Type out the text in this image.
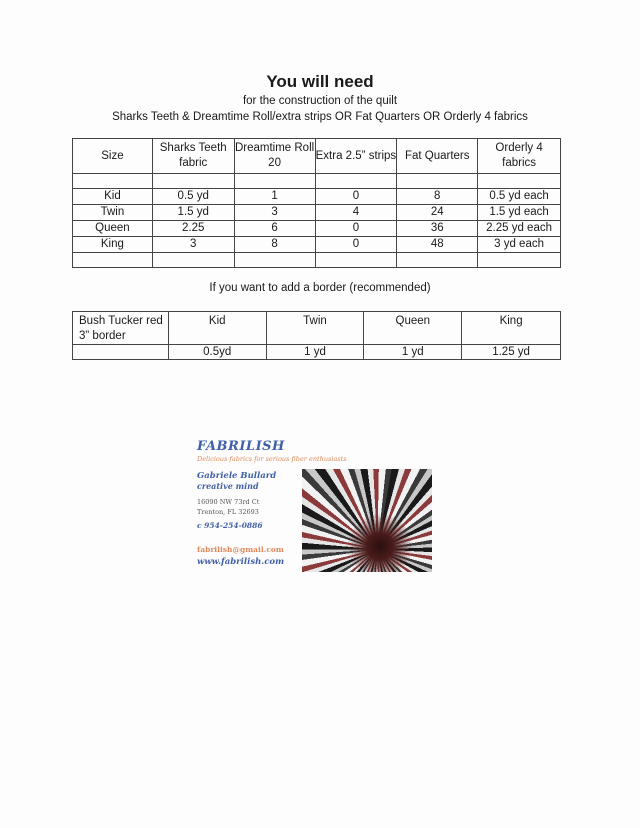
You will need
for the construction of the quilt
Sharks Teeth & Dreamtime Roll/extra strips OR Fat Quarters OR Orderly 4 fabrics
Size	Sharks Teeth fabric	Dreamtime Roll 20	Extra 2.5” strips	Fat Quarters	Orderly 4 fabrics

Kid	0.5 yd	1	0	8	0.5 yd each
Twin	1.5 yd	3	4	24	1.5 yd each
Queen	2.25	6	0	36	2.25 yd each
King	3	8	0	48	3 yd each

If you want to add a border (recommended)
Bush Tucker red 3” border	Kid	Twin	Queen	King
	0.5yd	1 yd	1 yd	1.25 yd
FABRILISH
Delicious fabrics for serious fiber enthusiasts
Gabriele Bullard
creative mind
16090 NW 73rd Ct
Trenton, FL 32693
c 954-254-0886
fabrilish@gmail.com
www.fabrilish.com
